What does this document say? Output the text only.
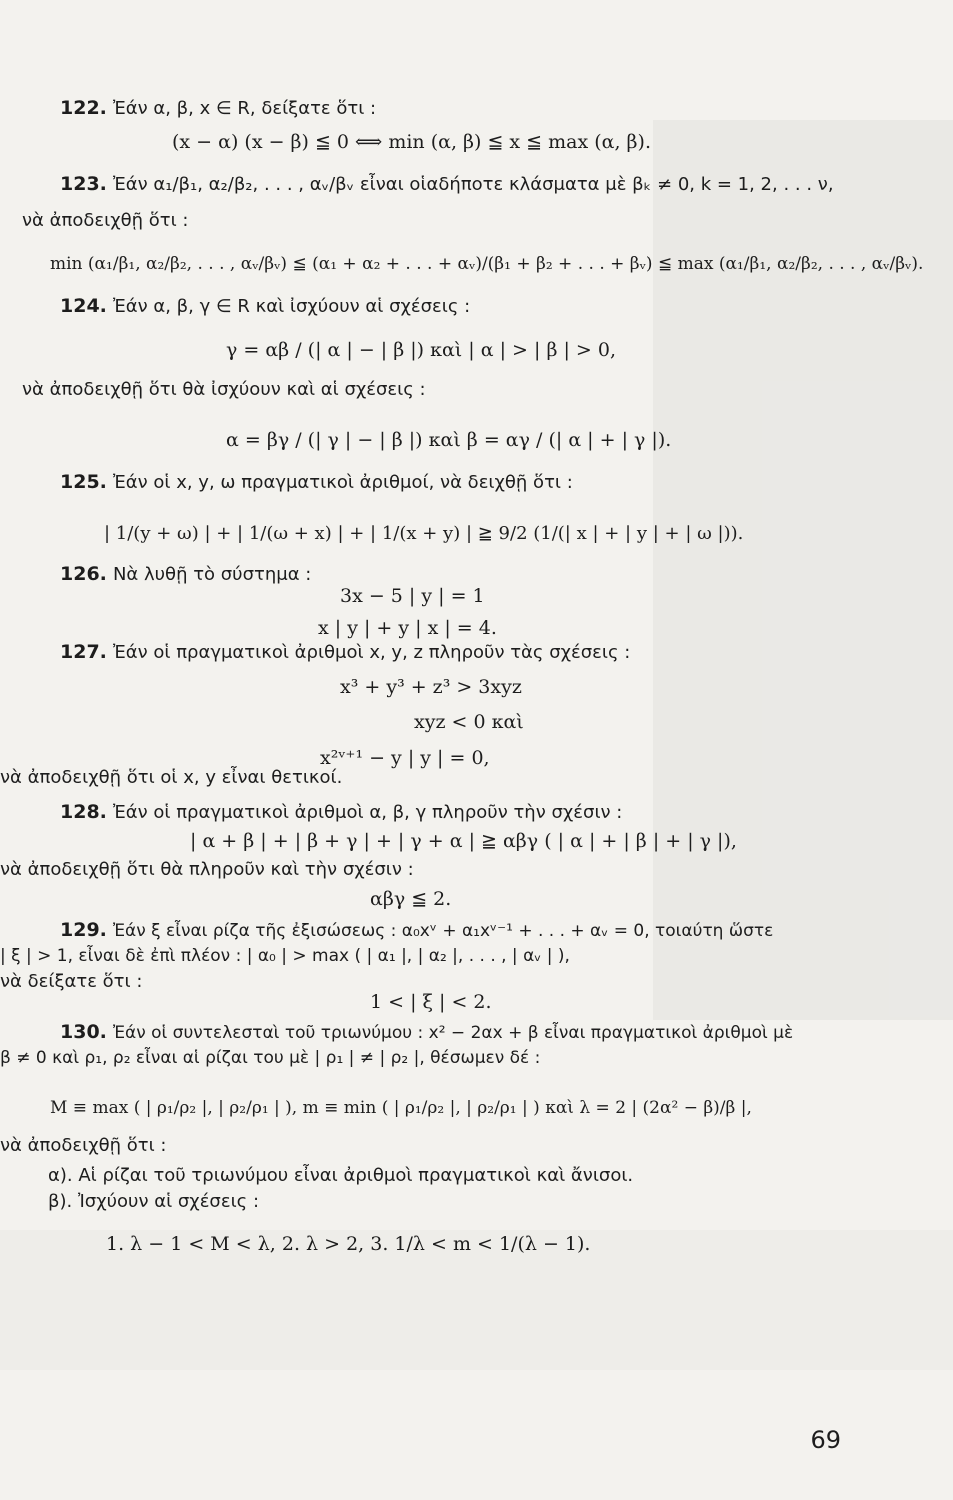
122. Ἐάν α, β, x ∈ R, δείξατε ὅτι :
(x − α) (x − β) ≦ 0 ⟺ min (α, β) ≦ x ≦ max (α, β).
123. Ἐάν α₁/β₁, α₂/β₂, . . . , αᵥ/βᵥ εἶναι οἱαδήποτε κλάσματα μὲ βₖ ≠ 0, k = 1, 2, . . . ν,
νὰ ἀποδειχθῇ ὅτι :
min (α₁/β₁, α₂/β₂, . . . , αᵥ/βᵥ) ≦ (α₁ + α₂ + . . . + αᵥ)/(β₁ + β₂ + . . . + βᵥ) ≦ max (α₁/β₁, α₂/β₂, . . . , αᵥ/βᵥ).
124. Ἐάν α, β, γ ∈ R καὶ ἰσχύουν αἱ σχέσεις :
γ = αβ / (| α | − | β |) καὶ | α | > | β | > 0,
νὰ ἀποδειχθῇ ὅτι θὰ ἰσχύουν καὶ αἱ σχέσεις :
α = βγ / (| γ | − | β |) καὶ β = αγ / (| α | + | γ |).
125. Ἐάν οἱ x, y, ω πραγματικοὶ ἀριθμοί, νὰ δειχθῇ ὅτι :
| 1/(y + ω) | + | 1/(ω + x) | + | 1/(x + y) | ≧ 9/2 (1/(| x | + | y | + | ω |)).
126. Νὰ λυθῇ τὸ σύστημα :
3x − 5 | y | = 1
x | y | + y | x | = 4.
127. Ἐάν οἱ πραγματικοὶ ἀριθμοὶ x, y, z πληροῦν τὰς σχέσεις :
x³ + y³ + z³ > 3xyz
xyz < 0 καὶ
x²ᵛ⁺¹ − y | y | = 0,
νὰ ἀποδειχθῇ ὅτι οἱ x, y εἶναι θετικοί.
128. Ἐάν οἱ πραγματικοὶ ἀριθμοὶ α, β, γ πληροῦν τὴν σχέσιν :
| α + β | + | β + γ | + | γ + α | ≧ αβγ ( | α | + | β | + | γ |),
νὰ ἀποδειχθῇ ὅτι θὰ πληροῦν καὶ τὴν σχέσιν :
αβγ ≦ 2.
129. Ἐάν ξ εἶναι ρίζα τῆς ἐξισώσεως : α₀xᵛ + α₁xᵛ⁻¹ + . . . + αᵥ = 0, τοιαύτη ὥστε
| ξ | > 1, εἶναι δὲ ἐπὶ πλέον : | α₀ | > max ( | α₁ |, | α₂ |, . . . , | αᵥ | ),
νὰ δείξατε ὅτι :
1 < | ξ | < 2.
130. Ἐάν οἱ συντελεσταὶ τοῦ τριωνύμου : x² − 2αx + β εἶναι πραγματικοὶ ἀριθμοὶ μὲ
β ≠ 0 καὶ ρ₁, ρ₂ εἶναι αἱ ρίζαι του μὲ | ρ₁ | ≠ | ρ₂ |, θέσωμεν δέ :
M ≡ max ( | ρ₁/ρ₂ |, | ρ₂/ρ₁ | ), m ≡ min ( | ρ₁/ρ₂ |, | ρ₂/ρ₁ | ) καὶ λ = 2 | (2α² − β)/β |,
νὰ ἀποδειχθῇ ὅτι :
α). Αἱ ρίζαι τοῦ τριωνύμου εἶναι ἀριθμοὶ πραγματικοὶ καὶ ἄνισοι.
β). Ἰσχύουν αἱ σχέσεις :
1. λ − 1 < M < λ, 2. λ > 2, 3. 1/λ < m < 1/(λ − 1).
69
